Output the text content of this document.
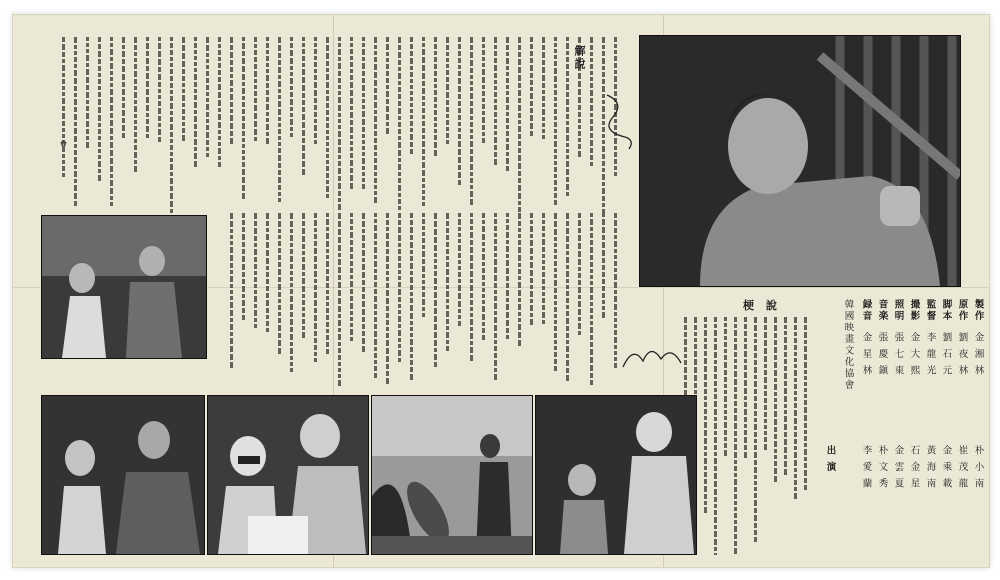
解說
梗 說	製作金 湘 林
原作劉 夜 林
脚本劉 石 元
監督李 龍 光
撮影金 大 熙
照明張 七 東
音楽張 慶 鎭
録音金 星 林
韓國映畫文化協會
出 演	朴 小 南
崔 茂 龍
金 乘 載
黃 海 南
石 金 星
金 雲 夏
朴 文 秀
李 愛 蘭
✿
